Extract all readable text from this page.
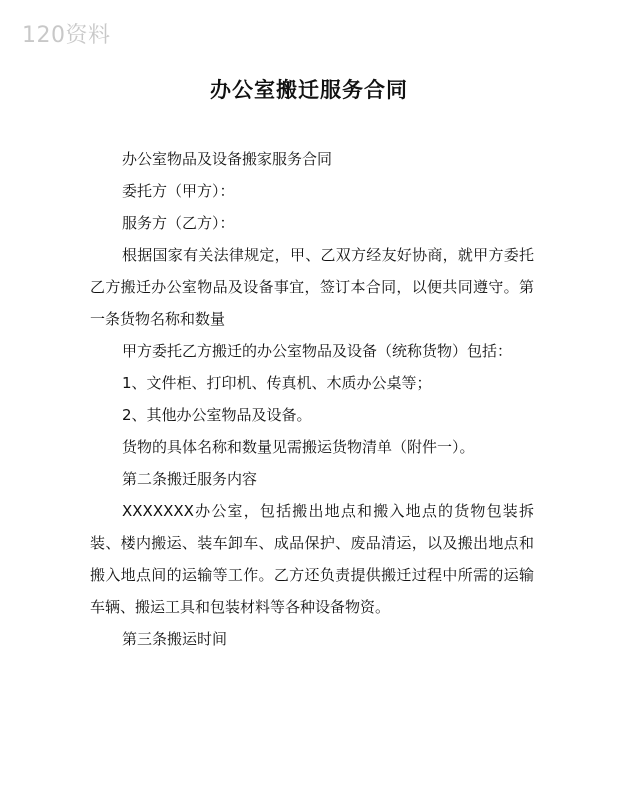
120资料
办公室搬迁服务合同

办公室物品及设备搬家服务合同

委托方（甲方）：

服务方（乙方）：

根据国家有关法律规定，甲、乙双方经友好协商，就甲方委托乙方搬迁办公室物品及设备事宜，签订本合同，以便共同遵守。第一条货物名称和数量

甲方委托乙方搬迁的办公室物品及设备（统称货物）包括：

1、文件柜、打印机、传真机、木质办公桌等；

2、其他办公室物品及设备。

货物的具体名称和数量见需搬运货物清单（附件一）。

第二条搬迁服务内容

XXXXXXX办公室，包括搬出地点和搬入地点的货物包装拆装、楼内搬运、装车卸车、成品保护、废品清运，以及搬出地点和搬入地点间的运输等工作。乙方还负责提供搬迁过程中所需的运输车辆、搬运工具和包装材料等各种设备物资。

第三条搬运时间
